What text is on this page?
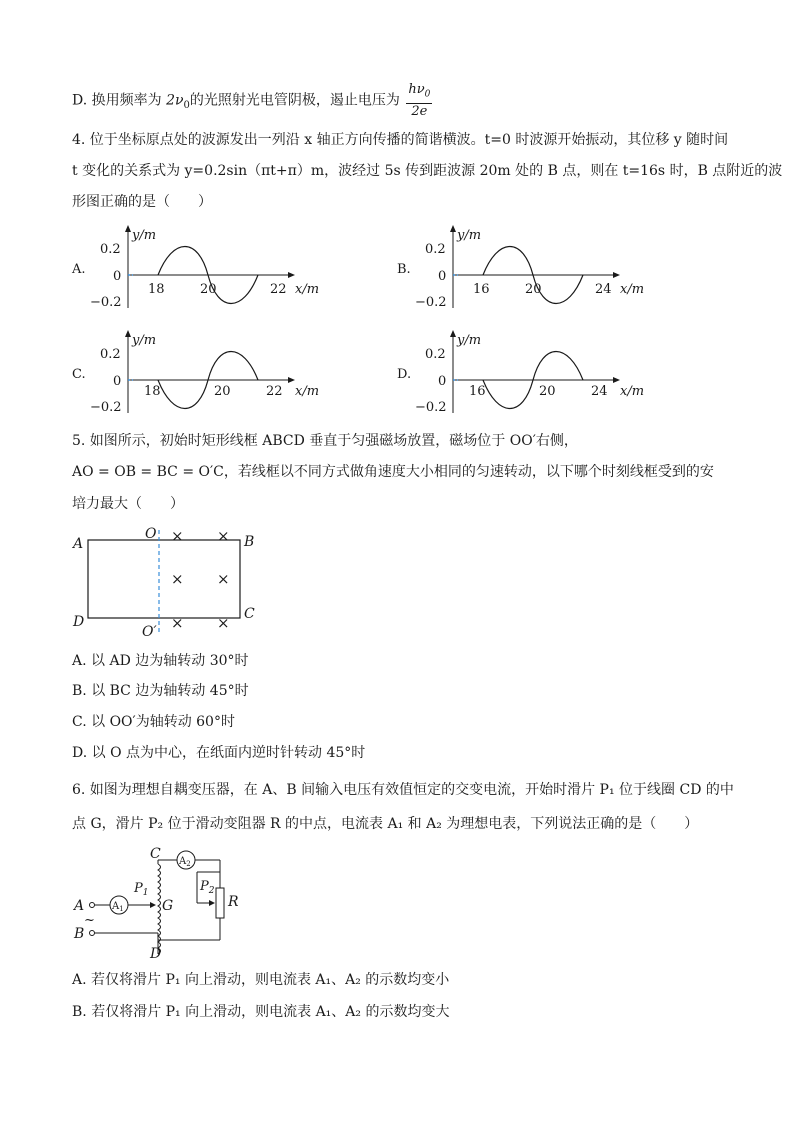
D. 换用频率为 $2\nu_0$的光照射光电管阴极，遏止电压为 $\frac{h\nu_0}{2e}$
4. 位于坐标原点处的波源发出一列沿 x 轴正方向传播的简谐横波。t=0 时波源开始振动，其位移 y 随时间
t 变化的关系式为 y=0.2sin（πt+π）m，波经过 5s 传到距波源 20m 处的 B 点，则在 t=16s 时，B 点附近的波
形图正确的是（　　）
A.	B.
C.	D.
y/m
0.2
0
−0.2
18	20	22 x/m
y/m
0.2
0
−0.2
16	20	24 x/m
y/m
0.2
0
−0.2
18	20	22 x/m
y/m
0.2
0
−0.2
16	20	24 x/m
5. 如图所示，初始时矩形线框 ABCD 垂直于匀强磁场放置，磁场位于 OO′右侧，
AO = OB = BC = O′C，若线框以不同方式做角速度大小相同的匀速转动，以下哪个时刻线框受到的安
培力最大（　　）
A	B
C
D
O
O′
× ×
× ×
× ×
A. 以 AD 边为轴转动 30°时
B. 以 BC 边为轴转动 45°时
C. 以 OO′为轴转动 60°时
D. 以 O 点为中心，在纸面内逆时针转动 45°时
6. 如图为理想自耦变压器，在 A、B 间输入电压有效值恒定的交变电流，开始时滑片 P₁ 位于线圈 CD 的中
点 G，滑片 P₂ 位于滑动变阻器 R 的中点，电流表 A₁ 和 A₂ 为理想电表，下列说法正确的是（　　）
A
B
~
$A_1$
$P_1$
C
D
G
$A_2$
R
$P_2$
A. 若仅将滑片 P₁ 向上滑动，则电流表 A₁、A₂ 的示数均变小
B. 若仅将滑片 P₁ 向上滑动，则电流表 A₁、A₂ 的示数均变大
